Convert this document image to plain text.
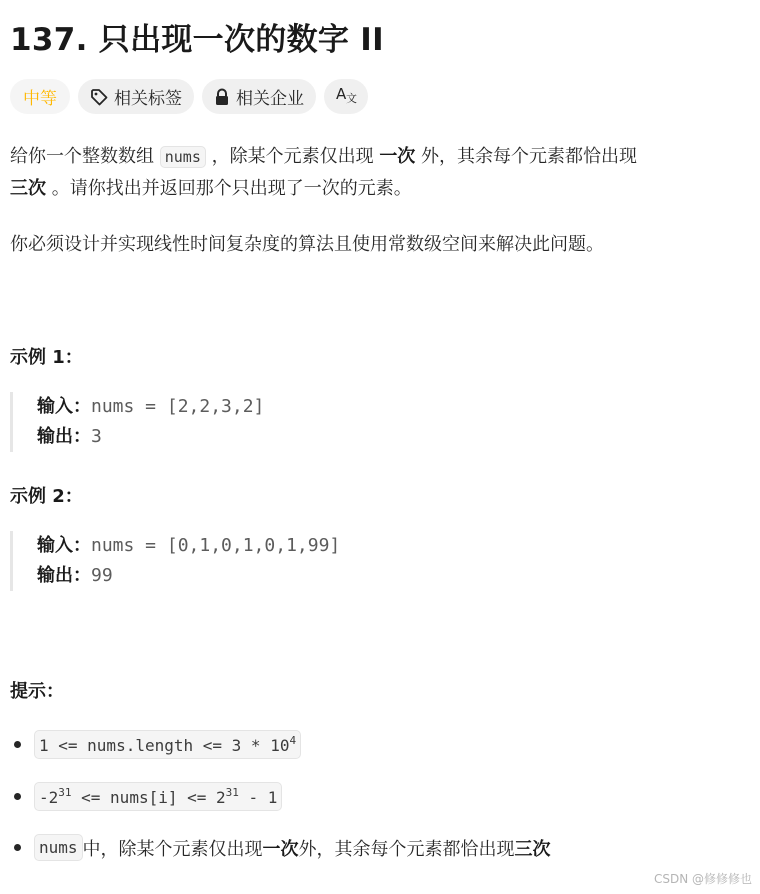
137. 只出现一次的数字 II
中等	相关标签	相关企业 A 文
给你一个整数数组 nums ，除某个元素仅出现 一次 外，其余每个元素都恰出现
三次 。请你找出并返回那个只出现了一次的元素。
你必须设计并实现线性时间复杂度的算法且使用常数级空间来解决此问题。
示例 1：
输入：nums = [2,2,3,2]
输出：3
示例 2：
输入：nums = [0,1,0,1,0,1,99]
输出：99
提示：
1 <= nums.length <= $3 * 10^4$
$-2^{31}$ <= nums[i] <= $2^{31} - 1$
nums 中，除某个元素仅出现 一次 外，其余每个元素都恰出现 三次
CSDN @修修修也
